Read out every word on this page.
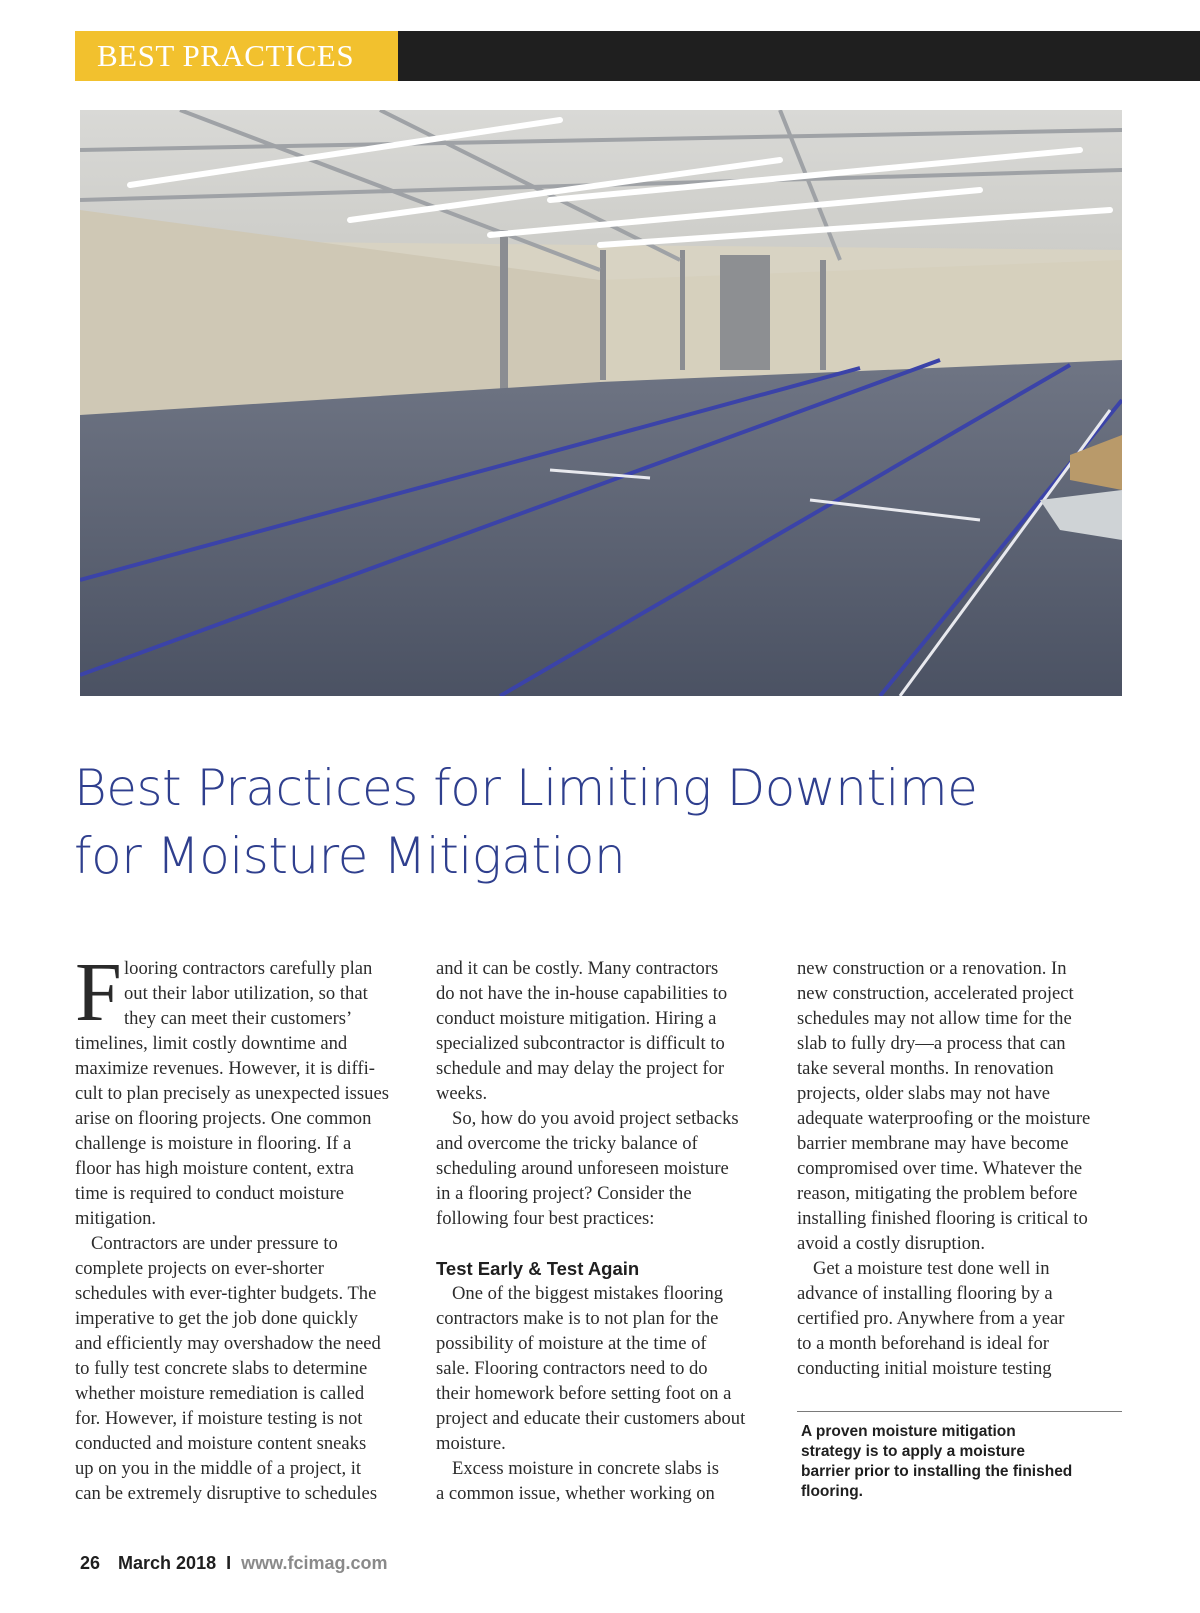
BEST PRACTICES
Best Practices for Limiting Downtime
for Moisture Mitigation
F looring contractors carefully plan
out their labor utilization, so that
they can meet their customers’
timelines, limit costly downtime and
maximize revenues. However, it is diffi-
cult to plan precisely as unexpected issues
arise on flooring projects. One common
challenge is moisture in flooring. If a
floor has high moisture content, extra
time is required to conduct moisture
mitigation.
Contractors are under pressure to
complete projects on ever-shorter
schedules with ever-tighter budgets. The
imperative to get the job done quickly
and efficiently may overshadow the need
to fully test concrete slabs to determine
whether moisture remediation is called
for. However, if moisture testing is not
conducted and moisture content sneaks
up on you in the middle of a project, it
can be extremely disruptive to schedules
and it can be costly. Many contractors
do not have the in-house capabilities to
conduct moisture mitigation. Hiring a
specialized subcontractor is difficult to
schedule and may delay the project for
weeks.
So, how do you avoid project setbacks
and overcome the tricky balance of
scheduling around unforeseen moisture
in a flooring project? Consider the
following four best practices:
Test Early & Test Again
One of the biggest mistakes flooring
contractors make is to not plan for the
possibility of moisture at the time of
sale. Flooring contractors need to do
their homework before setting foot on a
project and educate their customers about
moisture.
Excess moisture in concrete slabs is
a common issue, whether working on
new construction or a renovation. In
new construction, accelerated project
schedules may not allow time for the
slab to fully dry—a process that can
take several months. In renovation
projects, older slabs may not have
adequate waterproofing or the moisture
barrier membrane may have become
compromised over time. Whatever the
reason, mitigating the problem before
installing finished flooring is critical to
avoid a costly disruption.
Get a moisture test done well in
advance of installing flooring by a
certified pro. Anywhere from a year
to a month beforehand is ideal for
conducting initial moisture testing
A proven moisture mitigation
strategy is to apply a moisture
barrier prior to installing the finished
flooring.
26 March 2018 I www.fcimag.com
